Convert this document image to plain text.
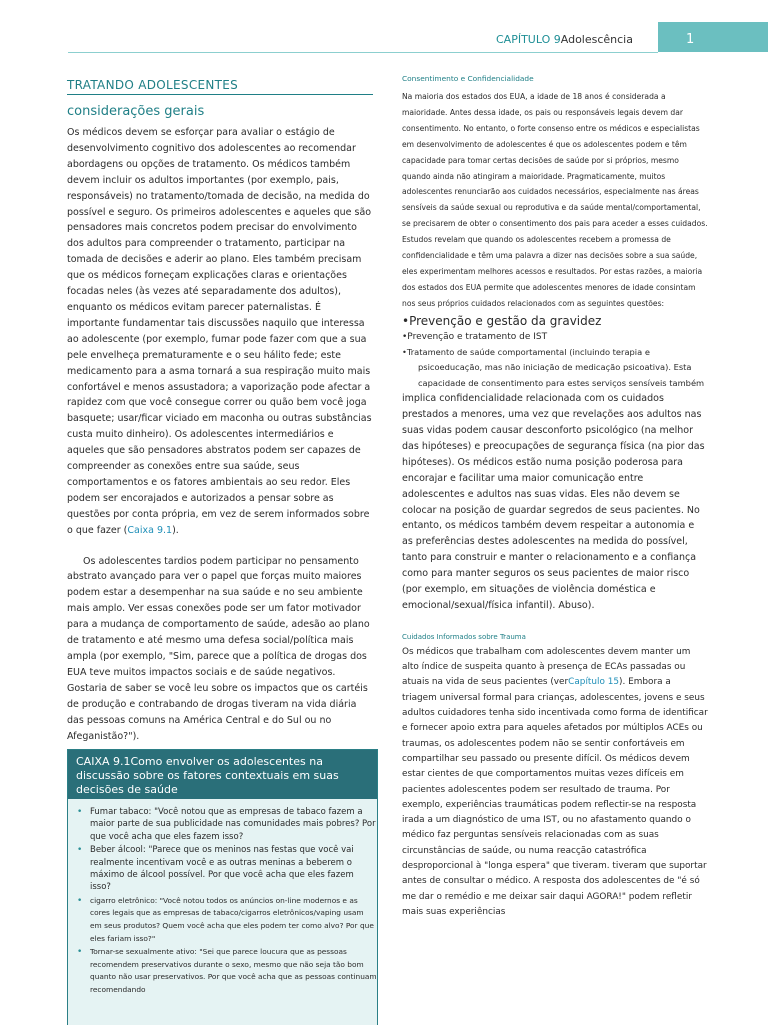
CAPÍTULO 9Adolescência	1
TRATANDO ADOLESCENTES
considerações gerais

Os médicos devem se esforçar para avaliar o estágio de desenvolvimento cognitivo dos adolescentes ao recomendar abordagens ou opções de tratamento. Os médicos também devem incluir os adultos importantes (por exemplo, pais, responsáveis) no tratamento/tomada de decisão, na medida do possível e seguro. Os primeiros adolescentes e aqueles que são pensadores mais concretos podem precisar do envolvimento dos adultos para compreender o tratamento, participar na tomada de decisões e aderir ao plano. Eles também precisam que os médicos forneçam explicações claras e orientações focadas neles (às vezes até separadamente dos adultos), enquanto os médicos evitam parecer paternalistas. É importante fundamentar tais discussões naquilo que interessa ao adolescente (por exemplo, fumar pode fazer com que a sua pele envelheça prematuramente e o seu hálito fede; este medicamento para a asma tornará a sua respiração muito mais confortável e menos assustadora; a vaporização pode afectar a rapidez com que você consegue correr ou quão bem você joga basquete; usar/ficar viciado em maconha ou outras substâncias custa muito dinheiro). Os adolescentes intermediários e aqueles que são pensadores abstratos podem ser capazes de compreender as conexões entre sua saúde, seus comportamentos e os fatores ambientais ao seu redor. Eles podem ser encorajados e autorizados a pensar sobre as questões por conta própria, em vez de serem informados sobre o que fazer (Caixa 9.1).

Os adolescentes tardios podem participar no pensamento abstrato avançado para ver o papel que forças muito maiores podem estar a desempenhar na sua saúde e no seu ambiente mais amplo. Ver essas conexões pode ser um fator motivador para a mudança de comportamento de saúde, adesão ao plano de tratamento e até mesmo uma defesa social/política mais ampla (por exemplo, "Sim, parece que a política de drogas dos EUA teve muitos impactos sociais e de saúde negativos. Gostaria de saber se você leu sobre os impactos que os cartéis de produção e contrabando de drogas tiveram na vida diária das pessoas comuns na América Central e do Sul ou no Afeganistão?").

CAIXA 9.1Como envolver os adolescentes na discussão sobre os fatores contextuais em suas decisões de saúde
• Fumar tabaco: "Você notou que as empresas de tabaco fazem a maior parte de sua publicidade nas comunidades mais pobres? Por que você acha que eles fazem isso?
• Beber álcool: "Parece que os meninos nas festas que você vai realmente incentivam você e as outras meninas a beberem o máximo de álcool possível. Por que você acha que eles fazem isso?
• cigarro eletrônico: "Você notou todos os anúncios on-line modernos e as cores legais que as empresas de tabaco/cigarros eletrônicos/vaping usam em seus produtos? Quem você acha que eles podem ter como alvo? Por que eles fariam isso?"
• Tornar-se sexualmente ativo: "Sei que parece loucura que as pessoas recomendem preservativos durante o sexo, mesmo que não seja tão bom quanto não usar preservativos. Por que você acha que as pessoas continuam recomendando
Consentimento e Confidencialidade

Na maioria dos estados dos EUA, a idade de 18 anos é considerada a maioridade. Antes dessa idade, os pais ou responsáveis legais devem dar consentimento. No entanto, o forte consenso entre os médicos e especialistas em desenvolvimento de adolescentes é que os adolescentes podem e têm capacidade para tomar certas decisões de saúde por si próprios, mesmo quando ainda não atingiram a maioridade. Pragmaticamente, muitos adolescentes renunciarão aos cuidados necessários, especialmente nas áreas sensíveis da saúde sexual ou reprodutiva e da saúde mental/comportamental, se precisarem de obter o consentimento dos pais para aceder a esses cuidados. Estudos revelam que quando os adolescentes recebem a promessa de confidencialidade e têm uma palavra a dizer nas decisões sobre a sua saúde, eles experimentam melhores acessos e resultados. Por estas razões, a maioria dos estados dos EUA permite que adolescentes menores de idade consintam nos seus próprios cuidados relacionados com as seguintes questões:

•Prevenção e gestão da gravidez

•Prevenção e tratamento de IST

•Tratamento de saúde comportamental (incluindo terapia e psicoeducação, mas não iniciação de medicação psicoativa). Esta capacidade de consentimento para estes serviços sensíveis também

implica confidencialidade relacionada com os cuidados prestados a menores, uma vez que revelações aos adultos nas suas vidas podem causar desconforto psicológico (na melhor das hipóteses) e preocupações de segurança física (na pior das hipóteses). Os médicos estão numa posição poderosa para encorajar e facilitar uma maior comunicação entre adolescentes e adultos nas suas vidas. Eles não devem se colocar na posição de guardar segredos de seus pacientes. No entanto, os médicos também devem respeitar a autonomia e as preferências destes adolescentes na medida do possível, tanto para construir e manter o relacionamento e a confiança como para manter seguros os seus pacientes de maior risco (por exemplo, em situações de violência doméstica e emocional/sexual/física infantil). Abuso).

Cuidados Informados sobre Trauma

Os médicos que trabalham com adolescentes devem manter um alto índice de suspeita quanto à presença de ECAs passadas ou atuais na vida de seus pacientes (verCapítulo 15). Embora a triagem universal formal para crianças, adolescentes, jovens e seus adultos cuidadores tenha sido incentivada como forma de identificar e fornecer apoio extra para aqueles afetados por múltiplos ACEs ou traumas, os adolescentes podem não se sentir confortáveis em compartilhar seu passado ou presente difícil. Os médicos devem estar cientes de que comportamentos muitas vezes difíceis em pacientes adolescentes podem ser resultado de trauma. Por exemplo, experiências traumáticas podem reflectir-se na resposta irada a um diagnóstico de uma IST, ou no afastamento quando o médico faz perguntas sensíveis relacionadas com as suas circunstâncias de saúde, ou numa reacção catastrófica desproporcional à "longa espera" que tiveram. tiveram que suportar antes de consultar o médico. A resposta dos adolescentes de "é só me dar o remédio e me deixar sair daqui AGORA!" podem refletir mais suas experiências
